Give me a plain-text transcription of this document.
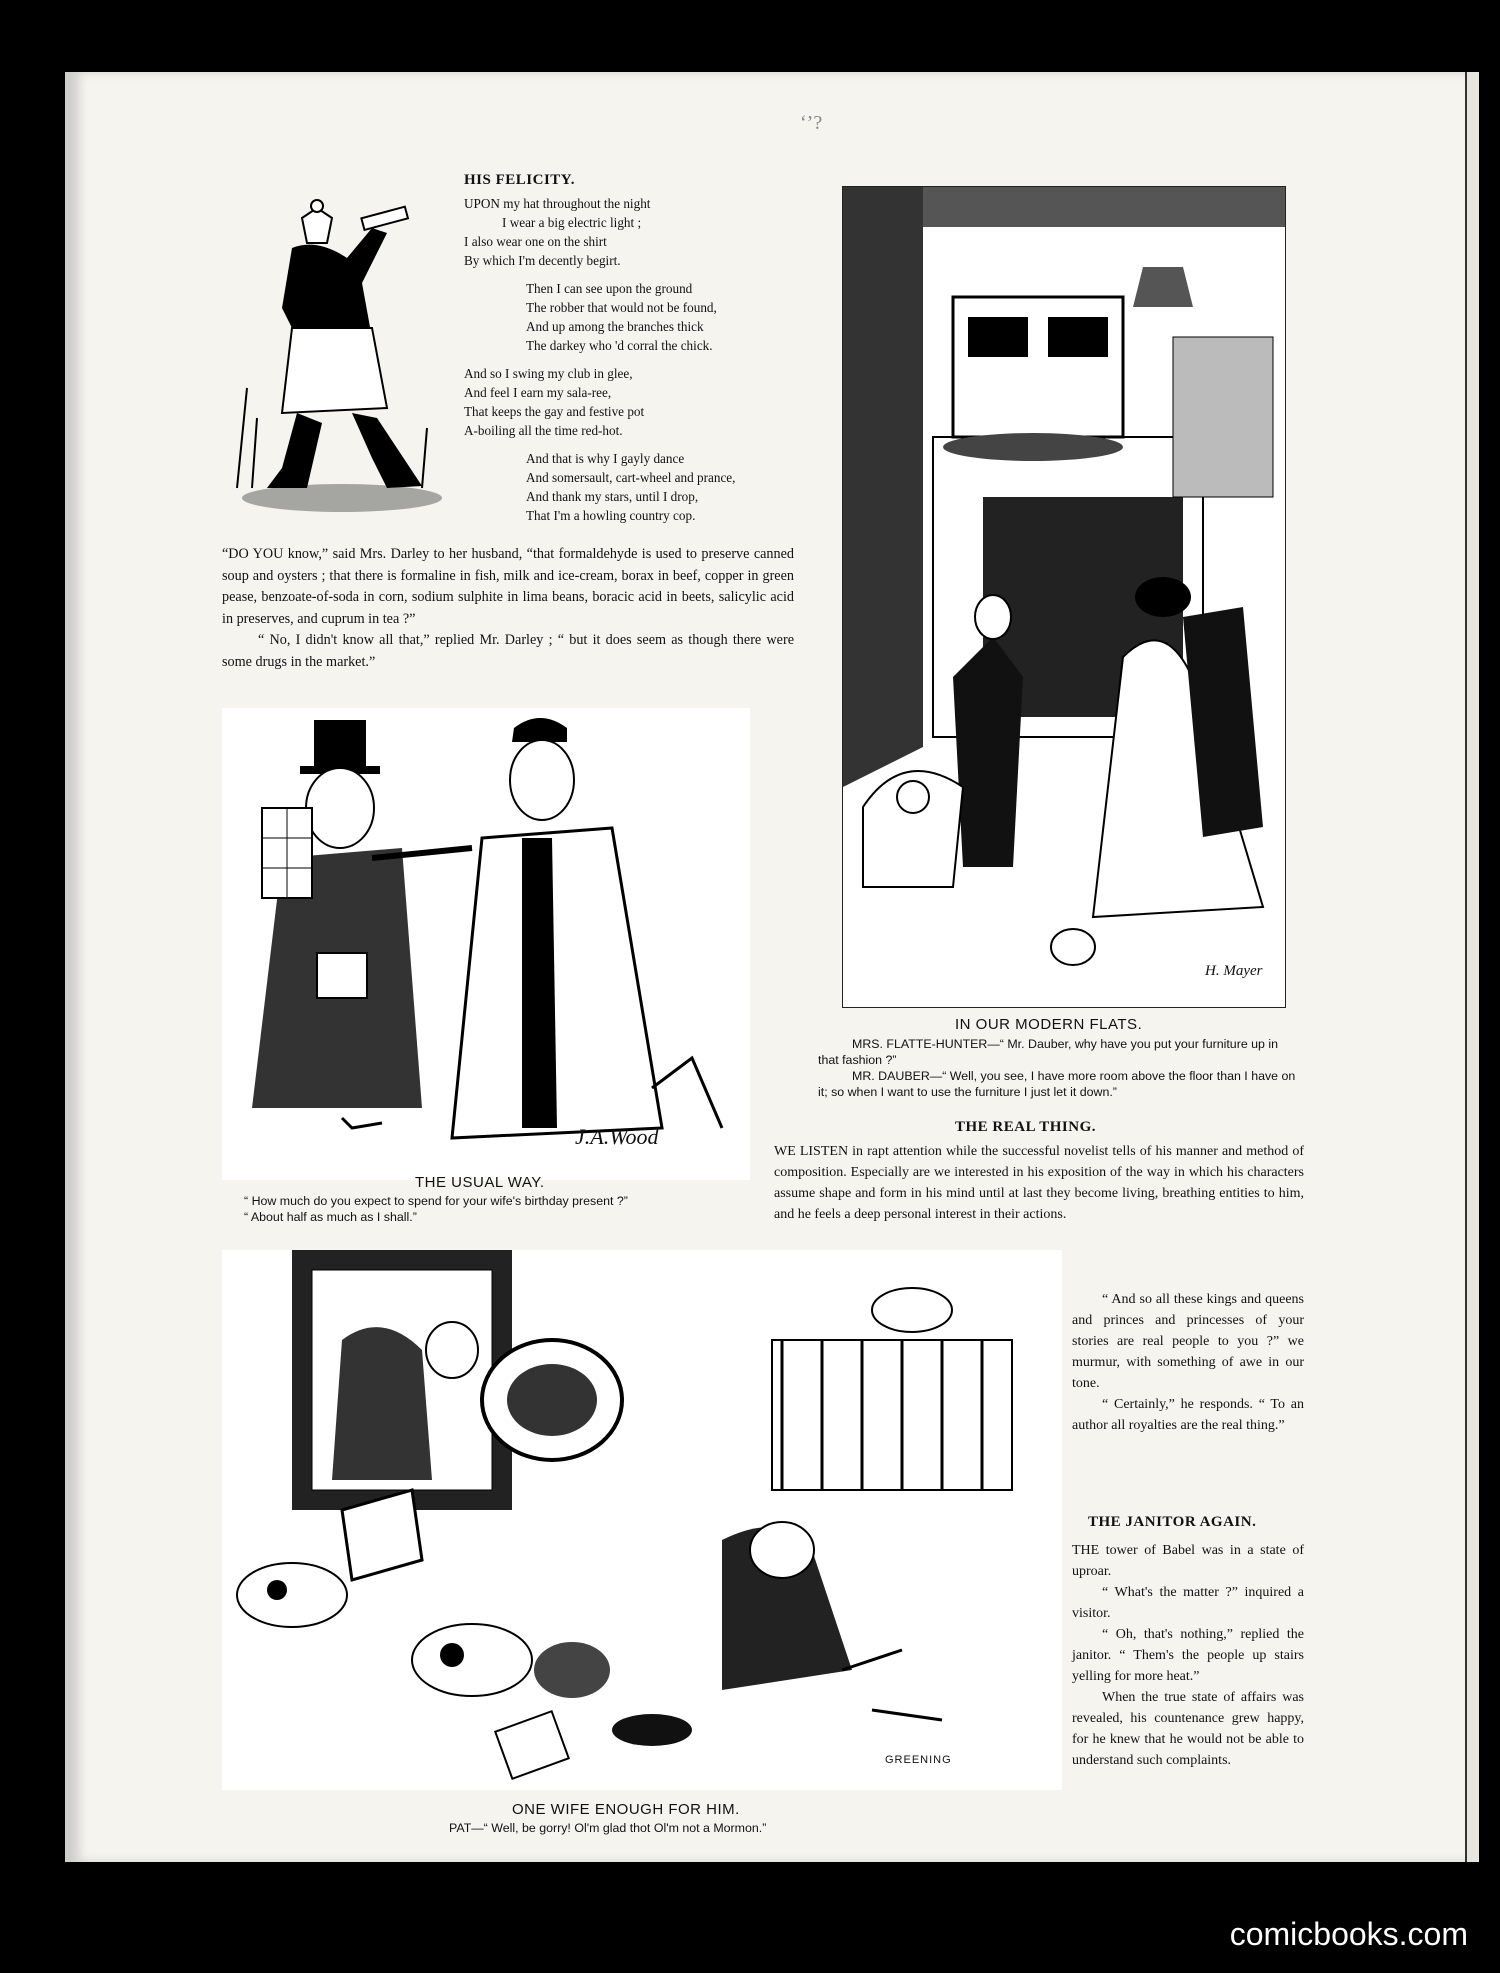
‘’?
HIS FELICITY.

UPON my hat throughout the night

I wear a big electric light ;

I also wear one on the shirt

By which I'm decently begirt.

Then I can see upon the ground

The robber that would not be found,

And up among the branches thick

The darkey who 'd corral the chick.

And so I swing my club in glee,

And feel I earn my sala-ree,

That keeps the gay and festive pot

A-boiling all the time red-hot.

And that is why I gayly dance

And somersault, cart-wheel and prance,

And thank my stars, until I drop,

That I'm a howling country cop.

“DO YOU know,” said Mrs. Darley to her husband, “that formaldehyde is used to preserve canned soup and oysters ; that there is formaline in fish, milk and ice-cream, borax in beef, copper in green pease, benzoate-of-soda in corn, sodium sulphite in lima beans, boracic acid in beets, salicylic acid in preserves, and cuprum in tea ?”

“ No, I didn't know all that,” replied Mr. Darley ; “ but it does seem as though there were some drugs in the market.”

J.A.Wood
THE USUAL WAY.
“ How much do you expect to spend for your wife's birthday present ?”
“ About half as much as I shall.”
H. Mayer
IN OUR MODERN FLATS.
MRS. FLATTE-HUNTER—“ Mr. Dauber, why have you put your furniture up in that fashion ?”
MR. DAUBER—“ Well, you see, I have more room above the floor than I have on it; so when I want to use the furniture I just let it down.”
THE REAL THING.

WE LISTEN in rapt attention while the successful novelist tells of his manner and method of composition. Especially are we interested in his exposition of the way in which his characters assume shape and form in his mind until at last they become living, breathing entities to him, and he feels a deep personal interest in their actions.

“ And so all these kings and queens and princes and princesses of your stories are real people to you ?” we murmur, with something of awe in our tone.

“ Certainly,” he responds. “ To an author all royalties are the real thing.”

GREENING
ONE WIFE ENOUGH FOR HIM.
PAT—“ Well, be gorry! Ol'm glad thot Ol'm not a Mormon.”
THE JANITOR AGAIN.

THE tower of Babel was in a state of uproar.

“ What's the matter ?” inquired a visitor.

“ Oh, that's nothing,” replied the janitor. “ Them's the people up stairs yelling for more heat.”

When the true state of affairs was revealed, his countenance grew happy, for he knew that he would not be able to understand such complaints.

comicbooks.com
